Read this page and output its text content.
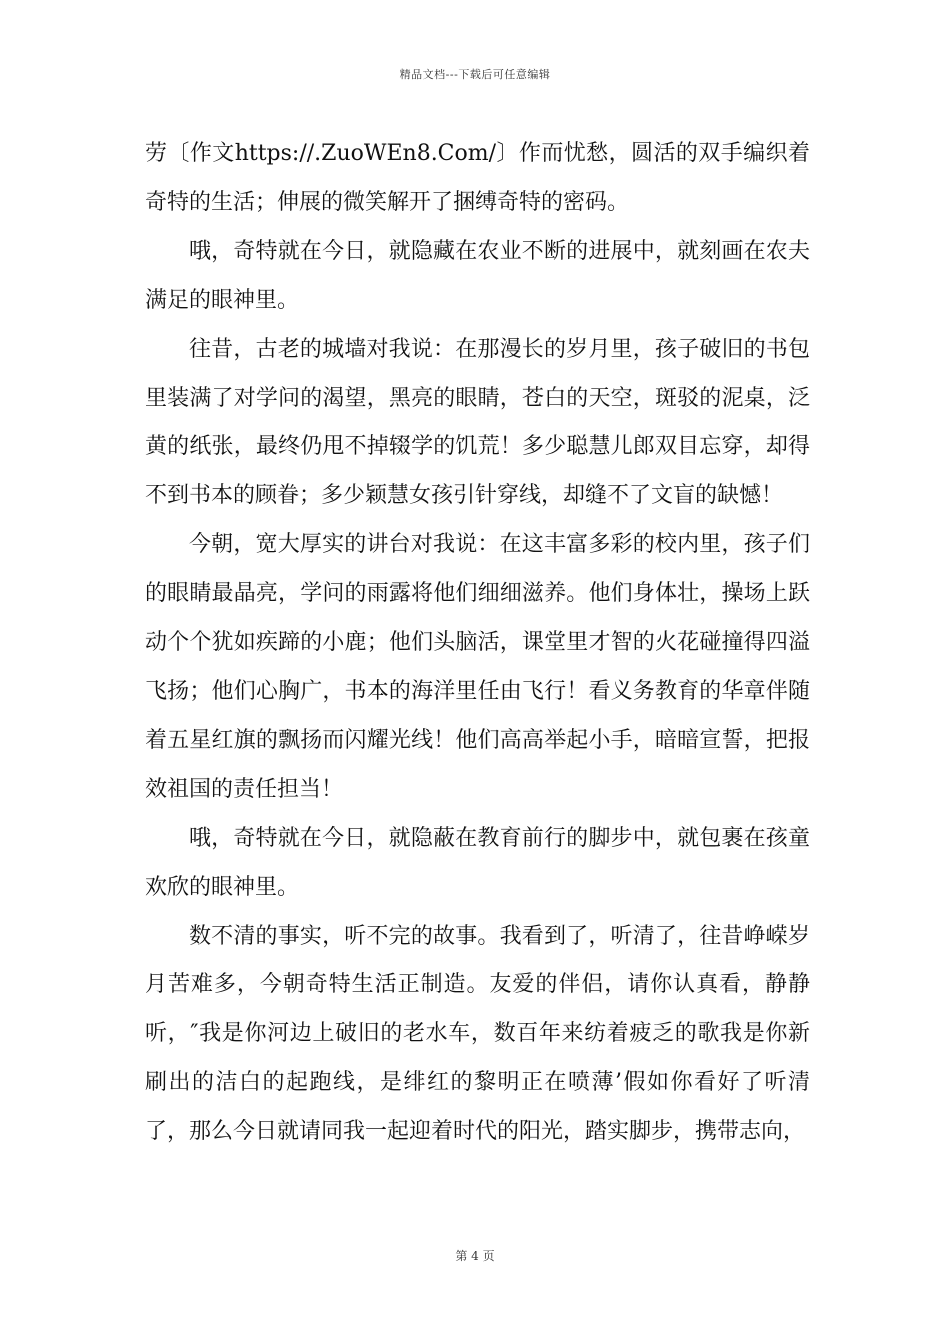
精品文档---下载后可任意编辑

劳〔作文https://.ZuoWEn8.Com/〕作而忧愁，圆活的双手编织着奇特的生活；伸展的微笑解开了捆缚奇特的密码。

哦，奇特就在今日，就隐藏在农业不断的进展中，就刻画在农夫满足的眼神里。

往昔，古老的城墙对我说：在那漫长的岁月里，孩子破旧的书包里装满了对学问的渴望，黑亮的眼睛，苍白的天空，斑驳的泥桌，泛黄的纸张，最终仍甩不掉辍学的饥荒！多少聪慧儿郎双目忘穿，却得不到书本的顾眷；多少颖慧女孩引针穿线，却缝不了文盲的缺憾！

今朝，宽大厚实的讲台对我说：在这丰富多彩的校内里，孩子们的眼睛最晶亮，学问的雨露将他们细细滋养。他们身体壮，操场上跃动个个犹如疾蹄的小鹿；他们头脑活，课堂里才智的火花碰撞得四溢飞扬；他们心胸广，书本的海洋里任由飞行！看义务教育的华章伴随着五星红旗的飘扬而闪耀光线！他们高高举起小手，暗暗宣誓，把报效祖国的责任担当！

哦，奇特就在今日，就隐蔽在教育前行的脚步中，就包裹在孩童欢欣的眼神里。

数不清的事实，听不完的故事。我看到了，听清了，往昔峥嵘岁月苦难多，今朝奇特生活正制造。友爱的伴侣，请你认真看，静静听，″我是你河边上破旧的老水车，数百年来纺着疲乏的歌我是你新刷出的洁白的起跑线，是绯红的黎明正在喷薄’假如你看好了听清了，那么今日就请同我一起迎着时代的阳光，踏实脚步，携带志向，

第 4 页
